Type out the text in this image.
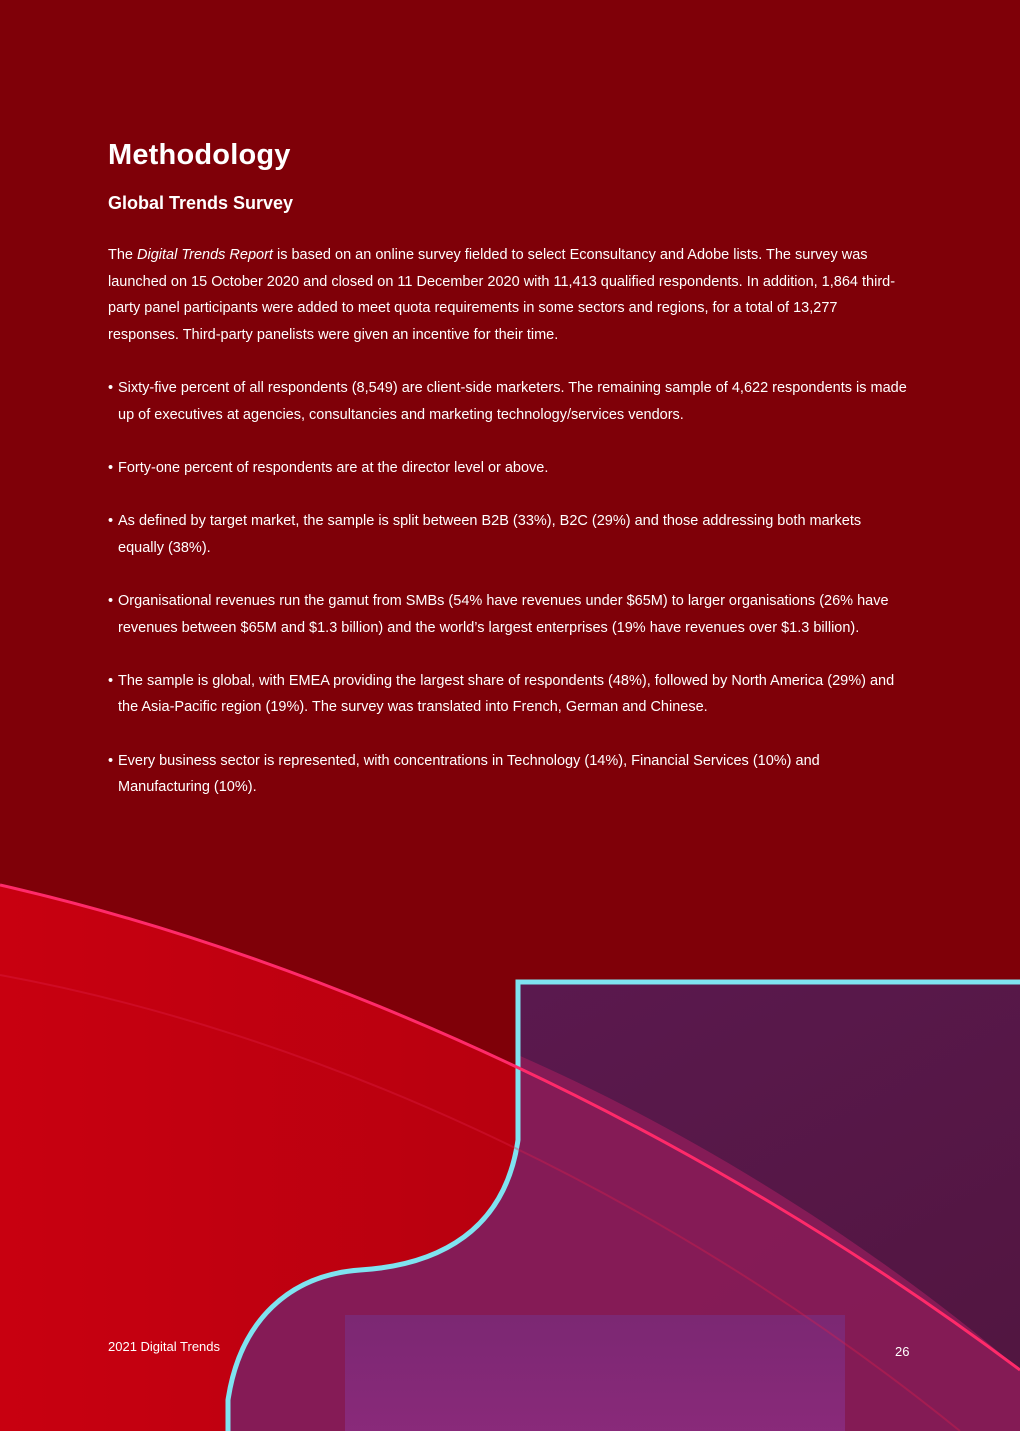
Methodology
Global Trends Survey

The Digital Trends Report is based on an online survey fielded to select Econsultancy and Adobe lists. The survey was launched on 15 October 2020 and closed on 11 December 2020 with 11,413 qualified respondents. In addition, 1,864 third-party panel participants were added to meet quota requirements in some sectors and regions, for a total of 13,277 responses. Third-party panelists were given an incentive for their time.

• Sixty-five percent of all respondents (8,549) are client-side marketers. The remaining sample of 4,622 respondents is made up of executives at agencies, consultancies and marketing technology/services vendors.
• Forty-one percent of respondents are at the director level or above.
• As defined by target market, the sample is split between B2B (33%), B2C (29%) and those addressing both markets equally (38%).
• Organisational revenues run the gamut from SMBs (54% have revenues under $65M) to larger organisations (26% have revenues between $65M and $1.3 billion) and the world’s largest enterprises (19% have revenues over $1.3 billion).
• The sample is global, with EMEA providing the largest share of respondents (48%), followed by North America (29%) and the Asia-Pacific region (19%). The survey was translated into French, German and Chinese.
• Every business sector is represented, with concentrations in Technology (14%), Financial Services (10%) and Manufacturing (10%).
2021 Digital Trends	26
